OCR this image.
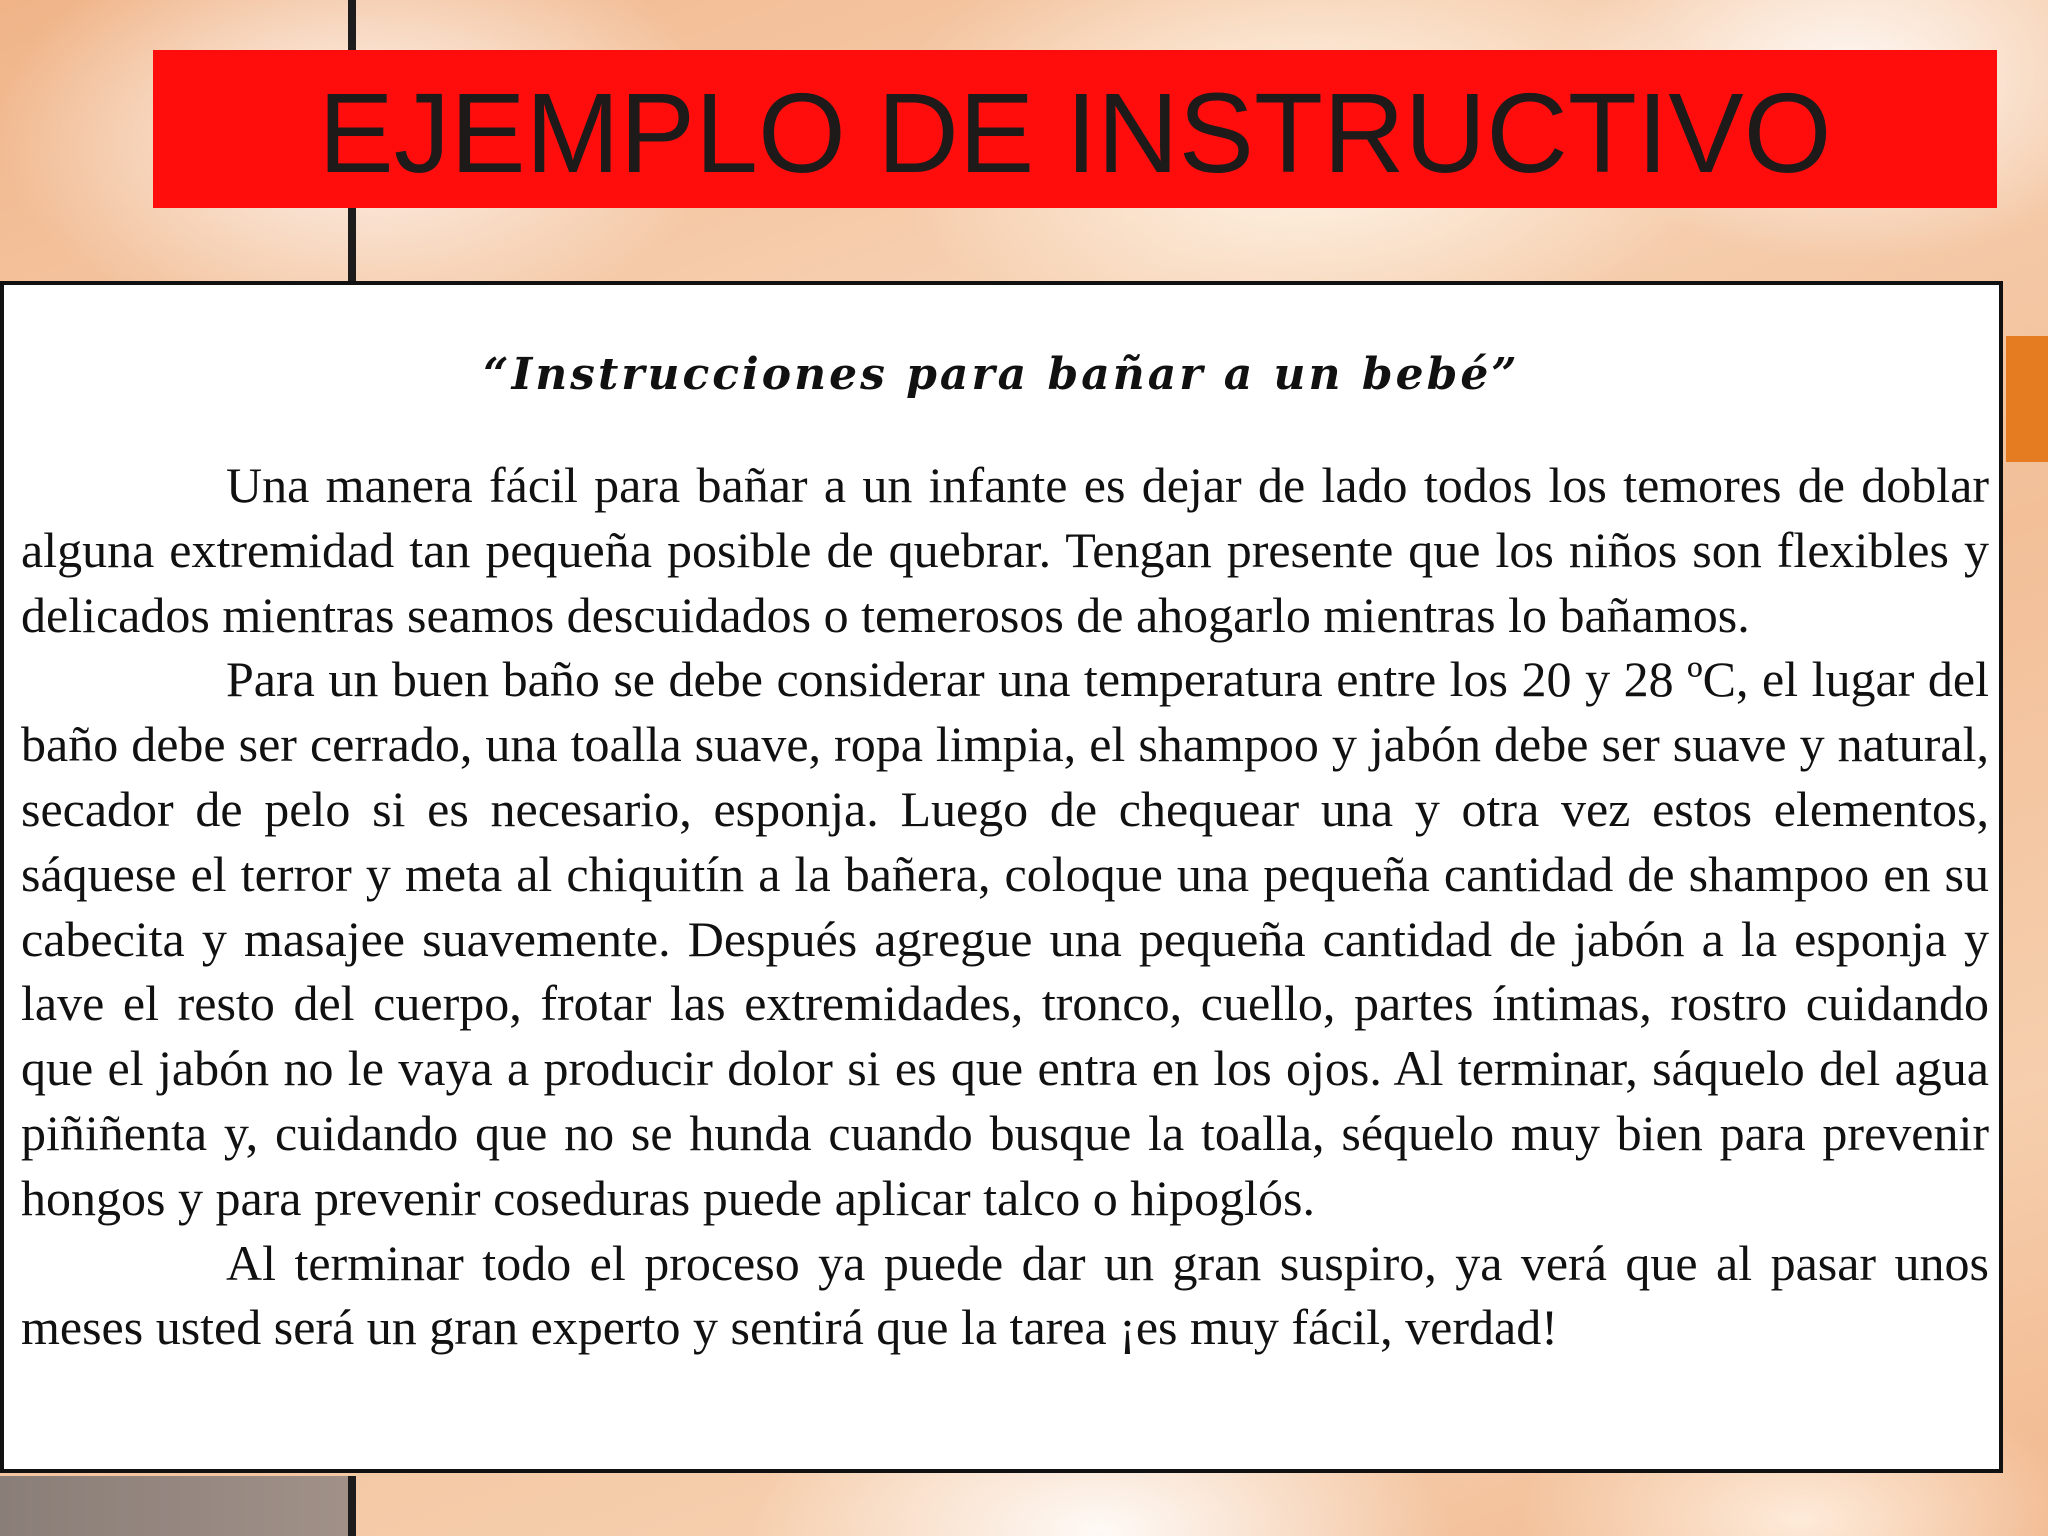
EJEMPLO DE INSTRUCTIVO
“Instrucciones para bañar a un bebé”

Una manera fácil para bañar a un infante es dejar de lado todos los temores de doblar alguna extremidad tan pequeña posible de quebrar. Tengan presente que los niños son flexibles y delicados mientras seamos descuidados o temerosos de ahogarlo mientras lo bañamos.

Para un buen baño se debe considerar una temperatura entre los 20 y 28 ºC, el lugar del baño debe ser cerrado, una toalla suave, ropa limpia, el shampoo y jabón debe ser suave y natural, secador de pelo si es necesario, esponja. Luego de chequear una y otra vez estos elementos, sáquese el terror y meta al chiquitín a la bañera, coloque una pequeña cantidad de shampoo en su cabecita y masajee suavemente. Después agregue una pequeña cantidad de jabón a la esponja y lave el resto del cuerpo, frotar las extremidades, tronco, cuello, partes íntimas, rostro cuidando que el jabón no le vaya a producir dolor si es que entra en los ojos. Al terminar, sáquelo del agua piñiñenta y, cuidando que no se hunda cuando busque la toalla, séquelo muy bien para prevenir hongos y para prevenir coseduras puede aplicar talco o hipoglós.

Al terminar todo el proceso ya puede dar un gran suspiro, ya verá que al pasar unos meses usted será un gran experto y sentirá que la tarea ¡es muy fácil, verdad!
